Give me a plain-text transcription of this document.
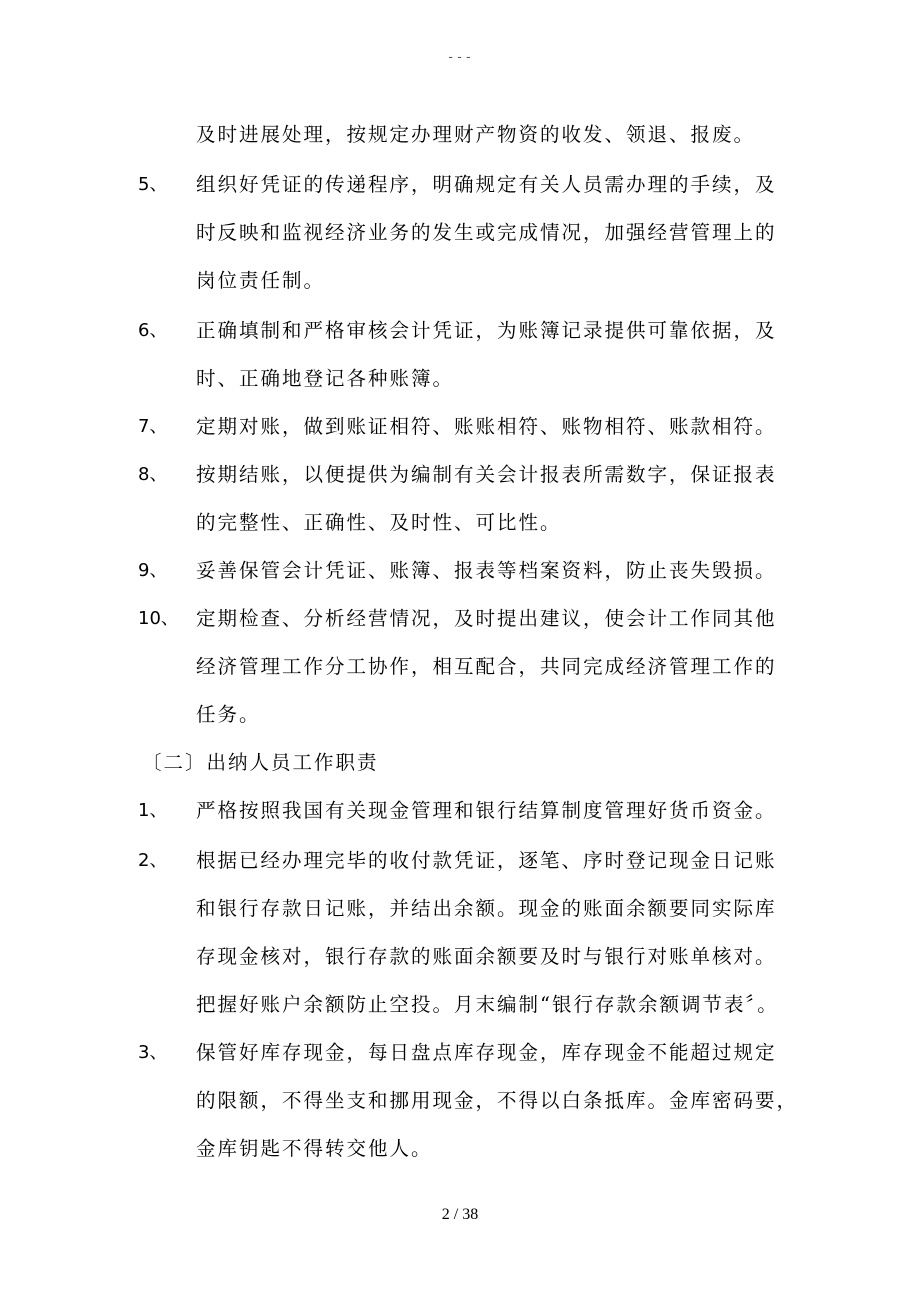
---
及时进展处理，按规定办理财产物资的收发、领退、报废。
5、 组织好凭证的传递程序，明确规定有关人员需办理的手续，及
时反映和监视经济业务的发生或完成情况，加强经营管理上的
岗位责任制。
6、 正确填制和严格审核会计凭证，为账簿记录提供可靠依据，及
时、正确地登记各种账簿。
7、 定期对账，做到账证相符、账账相符、账物相符、账款相符。
8、 按期结账，以便提供为编制有关会计报表所需数字，保证报表
的完整性、正确性、及时性、可比性。
9、 妥善保管会计凭证、账簿、报表等档案资料，防止丧失毁损。
10、 定期检查、分析经营情况，及时提出建议，使会计工作同其他
经济管理工作分工协作，相互配合，共同完成经济管理工作的
任务。
〔二〕出纳人员工作职责
1、 严格按照我国有关现金管理和银行结算制度管理好货币资金。
2、 根据已经办理完毕的收付款凭证，逐笔、序时登记现金日记账
和银行存款日记账，并结出余额。现金的账面余额要同实际库
存现金核对，银行存款的账面余额要及时与银行对账单核对。
把握好账户余额防止空投。月末编制“银行存款余额调节表〞。
3、 保管好库存现金，每日盘点库存现金，库存现金不能超过规定
的限额，不得坐支和挪用现金，不得以白条抵库。金库密码要，
金库钥匙不得转交他人。
2 / 38
